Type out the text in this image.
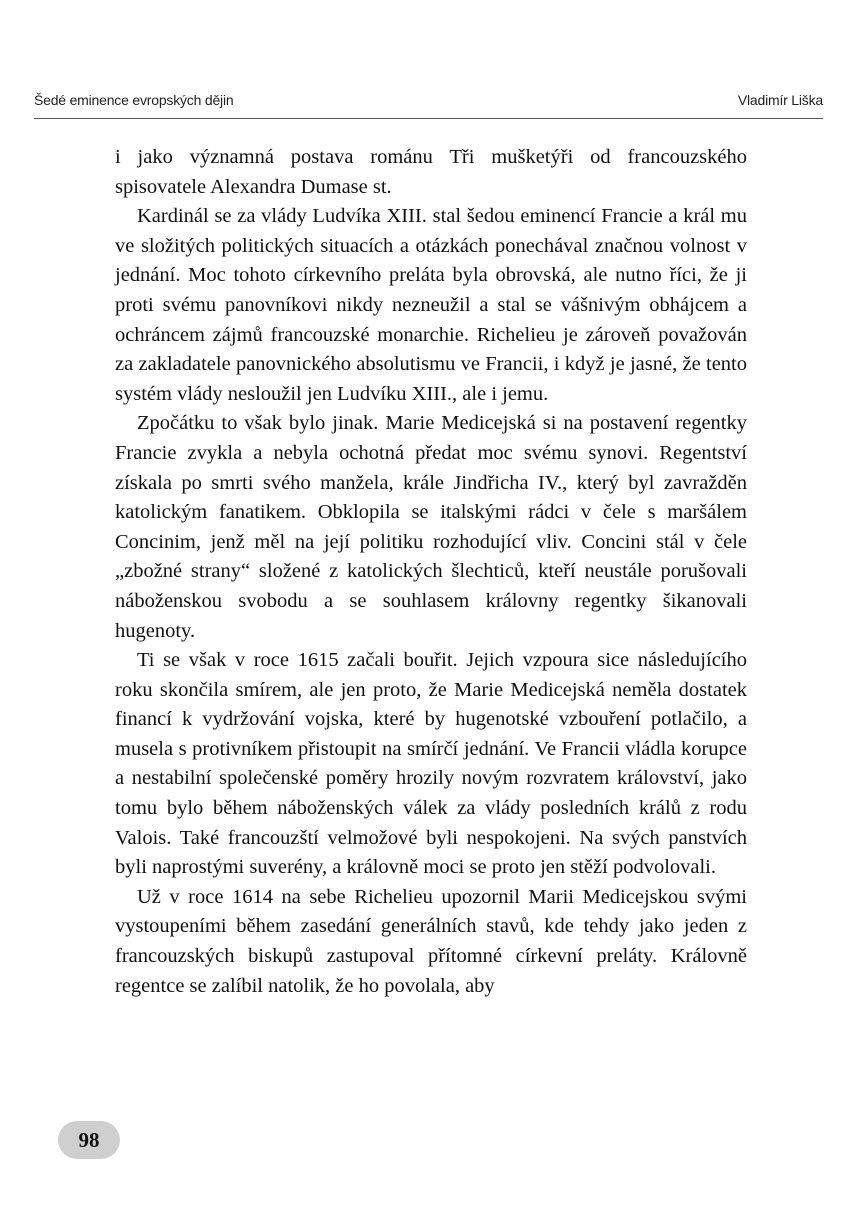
Šedé eminence evropských dějin	Vladimír Liška

i jako významná postava románu Tři mušketýři od francouzského spisovatele Alexandra Dumase st.

Kardinál se za vlády Ludvíka XIII. stal šedou eminencí Francie a král mu ve složitých politických situacích a otázkách ponechával značnou volnost v jednání. Moc tohoto církevního preláta byla obrovská, ale nutno říci, že ji proti svému panovníkovi nikdy nezneužil a stal se vášnivým obhájcem a ochráncem zájmů francouzské monarchie. Richelieu je zároveň považován za zakladatele panovnického absolutismu ve Francii, i když je jasné, že tento systém vlády nesloužil jen Ludvíku XIII., ale i jemu.

Zpočátku to však bylo jinak. Marie Medicejská si na postavení regentky Francie zvykla a nebyla ochotná předat moc svému synovi. Regentství získala po smrti svého manžela, krále Jindřicha IV., který byl zavražděn katolickým fanatikem. Obklopila se italskými rádci v čele s maršálem Concinim, jenž měl na její politiku rozhodující vliv. Concini stál v čele „zbožné strany“ složené z katolických šlechticů, kteří neustále porušovali náboženskou svobodu a se souhlasem královny regentky šikanovali hugenoty.

Ti se však v roce 1615 začali bouřit. Jejich vzpoura sice následujícího roku skončila smírem, ale jen proto, že Marie Medicejská neměla dostatek financí k vydržování vojska, které by hugenotské vzbouření potlačilo, a musela s protivníkem přistoupit na smírčí jednání. Ve Francii vládla korupce a nestabilní společenské poměry hrozily novým rozvratem království, jako tomu bylo během náboženských válek za vlády posledních králů z rodu Valois. Také francouzští velmožové byli nespokojeni. Na svých panstvích byli naprostými suverény, a královně moci se proto jen stěží podvolovali.

Už v roce 1614 na sebe Richelieu upozornil Marii Medicejskou svými vystoupeními během zasedání generálních stavů, kde tehdy jako jeden z francouzských biskupů zastupoval přítomné církevní preláty. Královně regentce se zalíbil natolik, že ho povolala, aby

98
